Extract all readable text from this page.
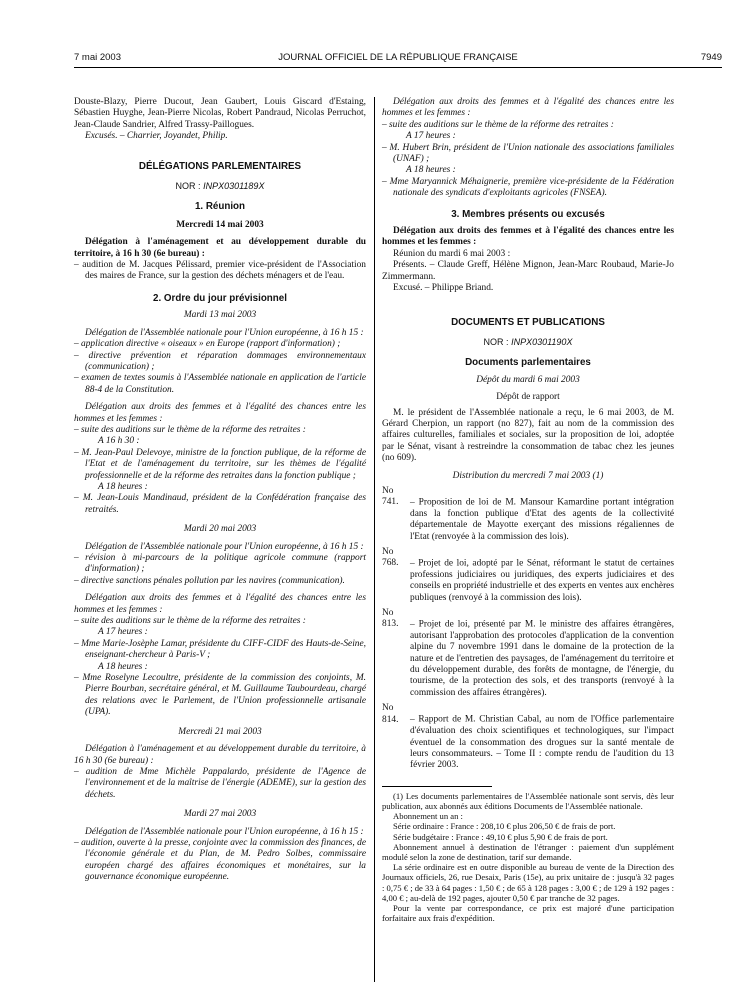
7 mai 2003	JOURNAL OFFICIEL DE LA RÉPUBLIQUE FRANÇAISE	7949

Douste-Blazy, Pierre Ducout, Jean Gaubert, Louis Giscard d'Estaing, Sébastien Huyghe, Jean-Pierre Nicolas, Robert Pandraud, Nicolas Perruchot, Jean-Claude Sandrier, Alfred Trassy-Paillogues.

Excusés. – Charrier, Joyandet, Philip.

DÉLÉGATIONS PARLEMENTAIRES

NOR : INPX0301189X

1. Réunion

Mercredi 14 mai 2003

Délégation à l'aménagement et au développement durable du territoire, à 16 h 30 (6e bureau) :

– audition de M. Jacques Pélissard, premier vice-président de l'Association des maires de France, sur la gestion des déchets ménagers et de l'eau.

2. Ordre du jour prévisionnel

Mardi 13 mai 2003

Délégation de l'Assemblée nationale pour l'Union européenne, à 16 h 15 :

– application directive « oiseaux » en Europe (rapport d'information) ;

– directive prévention et réparation dommages environnementaux (communication) ;

– examen de textes soumis à l'Assemblée nationale en application de l'article 88-4 de la Constitution.

Délégation aux droits des femmes et à l'égalité des chances entre les hommes et les femmes :

– suite des auditions sur le thème de la réforme des retraites :

A 16 h 30 :

– M. Jean-Paul Delevoye, ministre de la fonction publique, de la réforme de l'Etat et de l'aménagement du territoire, sur les thèmes de l'égalité professionnelle et de la réforme des retraites dans la fonction publique ;

A 18 heures :

– M. Jean-Louis Mandinaud, président de la Confédération française des retraités.

Mardi 20 mai 2003

Délégation de l'Assemblée nationale pour l'Union européenne, à 16 h 15 :

– révision à mi-parcours de la politique agricole commune (rapport d'information) ;

– directive sanctions pénales pollution par les navires (communication).

Délégation aux droits des femmes et à l'égalité des chances entre les hommes et les femmes :

– suite des auditions sur le thème de la réforme des retraites :

A 17 heures :

– Mme Marie-Josèphe Lamar, présidente du CIFF-CIDF des Hauts-de-Seine, enseignant-chercheur à Paris-V ;

A 18 heures :

– Mme Roselyne Lecoultre, présidente de la commission des conjoints, M. Pierre Bourban, secrétaire général, et M. Guillaume Taubourdeau, chargé des relations avec le Parlement, de l'Union professionnelle artisanale (UPA).

Mercredi 21 mai 2003

Délégation à l'aménagement et au développement durable du territoire, à 16 h 30 (6e bureau) :

– audition de Mme Michèle Pappalardo, présidente de l'Agence de l'environnement et de la maîtrise de l'énergie (ADEME), sur la gestion des déchets.

Mardi 27 mai 2003

Délégation de l'Assemblée nationale pour l'Union européenne, à 16 h 15 :

– audition, ouverte à la presse, conjointe avec la commission des finances, de l'économie générale et du Plan, de M. Pedro Solbes, commissaire européen chargé des affaires économiques et monétaires, sur la gouvernance économique européenne.

Délégation aux droits des femmes et à l'égalité des chances entre les hommes et les femmes :

– suite des auditions sur le thème de la réforme des retraites :

A 17 heures :

– M. Hubert Brin, président de l'Union nationale des associations familiales (UNAF) ;

A 18 heures :

– Mme Maryannick Méhaignerie, première vice-présidente de la Fédération nationale des syndicats d'exploitants agricoles (FNSEA).

3. Membres présents ou excusés

Délégation aux droits des femmes et à l'égalité des chances entre les hommes et les femmes :

Réunion du mardi 6 mai 2003 :

Présents. – Claude Greff, Hélène Mignon, Jean-Marc Roubaud, Marie-Jo Zimmermann.

Excusé. – Philippe Briand.

DOCUMENTS ET PUBLICATIONS

NOR : INPX0301190X

Documents parlementaires

Dépôt du mardi 6 mai 2003

Dépôt de rapport

M. le président de l'Assemblée nationale a reçu, le 6 mai 2003, de M. Gérard Cherpion, un rapport (no 827), fait au nom de la commission des affaires culturelles, familiales et sociales, sur la proposition de loi, adoptée par le Sénat, visant à restreindre la consommation de tabac chez les jeunes (no 609).

Distribution du mercredi 7 mai 2003 (1)

No 741. – Proposition de loi de M. Mansour Kamardine portant intégration dans la fonction publique d'Etat des agents de la collectivité départementale de Mayotte exerçant des missions régaliennes de l'Etat (renvoyée à la commission des lois).

No 768. – Projet de loi, adopté par le Sénat, réformant le statut de certaines professions judiciaires ou juridiques, des experts judiciaires et des conseils en propriété industrielle et des experts en ventes aux enchères publiques (renvoyé à la commission des lois).

No 813. – Projet de loi, présenté par M. le ministre des affaires étrangères, autorisant l'approbation des protocoles d'application de la convention alpine du 7 novembre 1991 dans le domaine de la protection de la nature et de l'entretien des paysages, de l'aménagement du territoire et du développement durable, des forêts de montagne, de l'énergie, du tourisme, de la protection des sols, et des transports (renvoyé à la commission des affaires étrangères).

No 814. – Rapport de M. Christian Cabal, au nom de l'Office parlementaire d'évaluation des choix scientifiques et technologiques, sur l'impact éventuel de la consommation des drogues sur la santé mentale de leurs consommateurs. – Tome II : compte rendu de l'audition du 13 février 2003.

(1) Les documents parlementaires de l'Assemblée nationale sont servis, dès leur publication, aux abonnés aux éditions Documents de l'Assemblée nationale.

Abonnement un an :

Série ordinaire : France : 208,10 € plus 206,50 € de frais de port.

Série budgétaire : France : 49,10 € plus 5,90 € de frais de port.

Abonnement annuel à destination de l'étranger : paiement d'un supplément modulé selon la zone de destination, tarif sur demande.

La série ordinaire est en outre disponible au bureau de vente de la Direction des Journaux officiels, 26, rue Desaix, Paris (15e), au prix unitaire de : jusqu'à 32 pages : 0,75 € ; de 33 à 64 pages : 1,50 € ; de 65 à 128 pages : 3,00 € ; de 129 à 192 pages : 4,00 € ; au-delà de 192 pages, ajouter 0,50 € par tranche de 32 pages.

Pour la vente par correspondance, ce prix est majoré d'une participation forfaitaire aux frais d'expédition.
